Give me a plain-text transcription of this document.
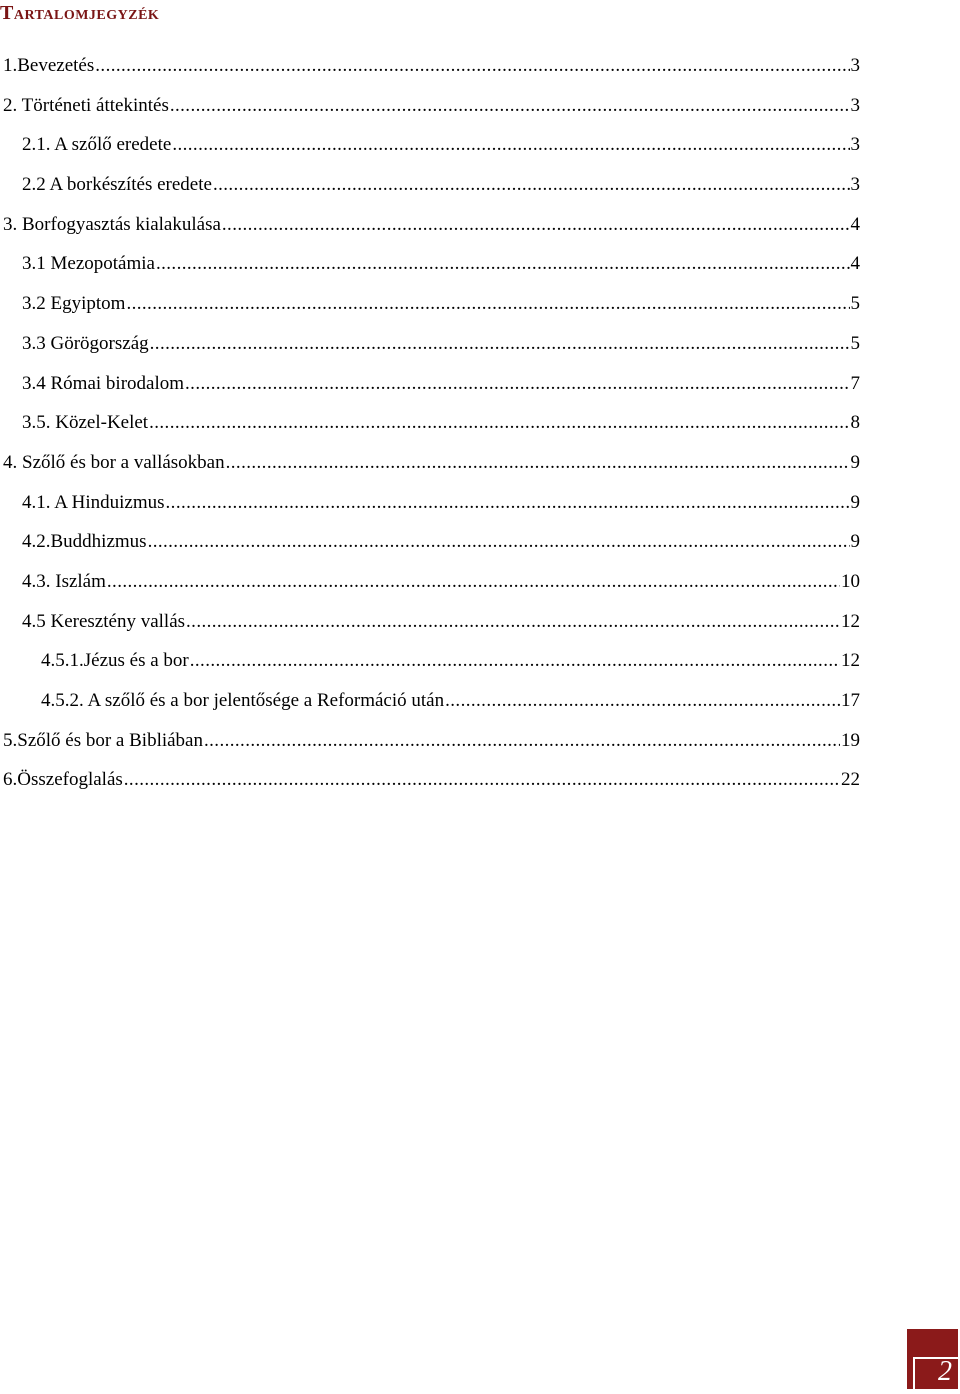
Tartalomjegyzék
1.Bevezetés .....	3
2. Történeti áttekintés .....	3
2.1. A szőlő eredete .....	3
2.2 A borkészítés eredete .....	3
3. Borfogyasztás kialakulása .....	4
3.1 Mezopotámia .....	4
3.2 Egyiptom .....	5
3.3 Görögország .....	5
3.4 Római birodalom .....	7
3.5. Közel-Kelet .....	8
4. Szőlő és bor a vallásokban .....	9
4.1. A Hinduizmus .....	9
4.2.Buddhizmus .....	9
4.3. Iszlám .....	10
4.5 Keresztény vallás .....	12
4.5.1.Jézus és a bor .....	12
4.5.2. A szőlő és a bor jelentősége a Reformáció után .....	17
5.Szőlő és bor a Bibliában .....	19
6.Összefoglalás .....	22
2
